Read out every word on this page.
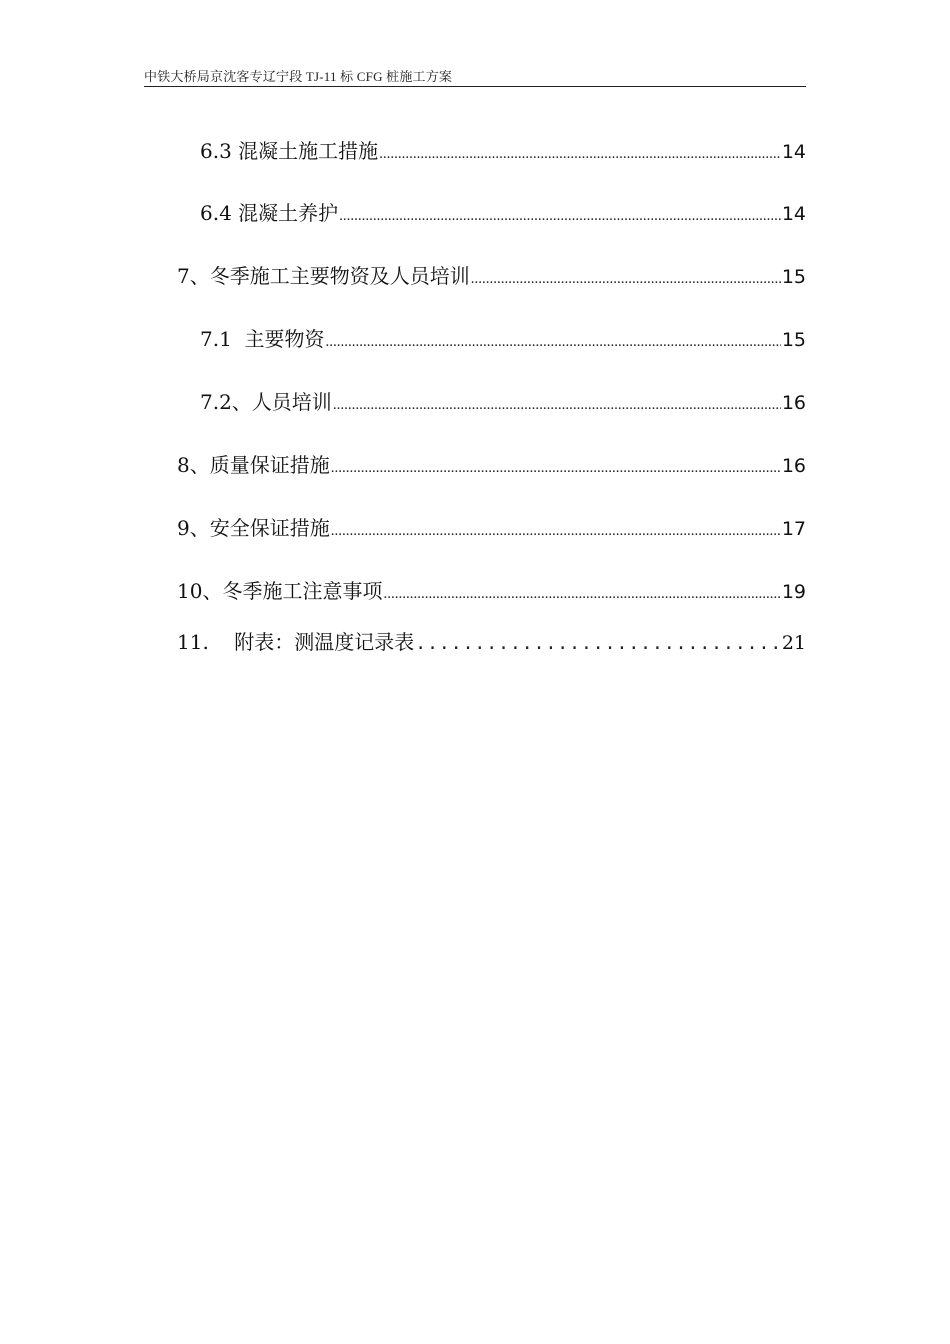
中铁大桥局京沈客专辽宁段 TJ-11 标 CFG 桩施工方案
6.3 混凝土施工措施 .....	14
6.4 混凝土养护 .....	14
7、冬季施工主要物资及人员培训 .....	15
7.1  主要物资 .....	15
7.2、人员培训 .....	16
8、质量保证措施 .....	16
9、安全保证措施 .....	17
10、冬季施工注意事项 .....	19
11.    附表：测温度记录表 .....	21
